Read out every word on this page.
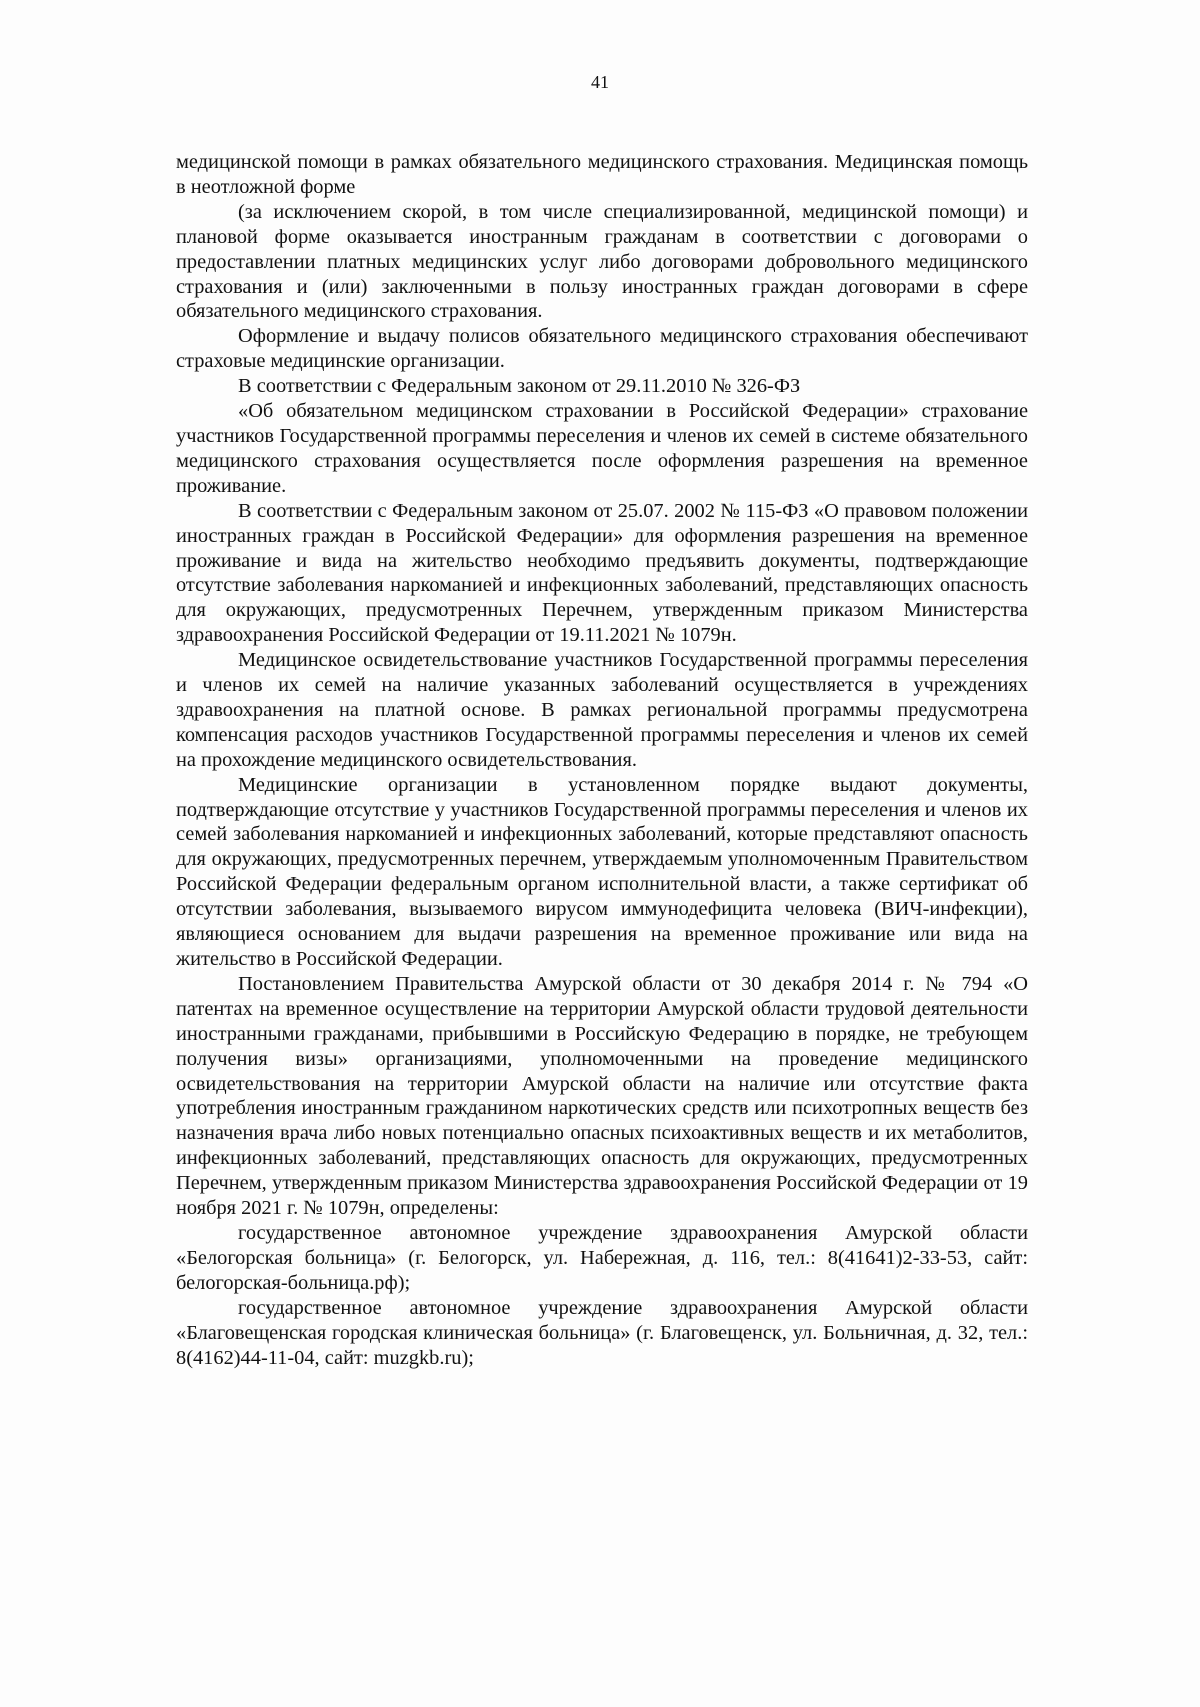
41

медицинской помощи в рамках обязательного медицинского страхования. Медицинская помощь в неотложной форме

(за исключением скорой, в том числе специализированной, медицинской помощи) и плановой форме оказывается иностранным гражданам в соответствии с договорами о предоставлении платных медицинских услуг либо договорами добровольного медицинского страхования и (или) заключенными в пользу иностранных граждан договорами в сфере обязательного медицинского страхования.

Оформление и выдачу полисов обязательного медицинского страхования обеспечивают страховые медицинские организации.

В соответствии с Федеральным законом от 29.11.2010 № 326-ФЗ

«Об обязательном медицинском страховании в Российской Федерации» страхование участников Государственной программы переселения и членов их семей в системе обязательного медицинского страхования осуществляется после оформления разрешения на временное проживание.

В соответствии с Федеральным законом от 25.07. 2002 № 115-ФЗ «О правовом положении иностранных граждан в Российской Федерации» для оформления разрешения на временное проживание и вида на жительство необходимо предъявить документы, подтверждающие отсутствие заболевания наркоманией и инфекционных заболеваний, представляющих опасность для окружающих, предусмотренных Перечнем, утвержденным приказом Министерства здравоохранения Российской Федерации от 19.11.2021 № 1079н.

Медицинское освидетельствование участников Государственной программы переселения и членов их семей на наличие указанных заболеваний осуществляется в учреждениях здравоохранения на платной основе. В рамках региональной программы предусмотрена компенсация расходов участников Государственной программы переселения и членов их семей на прохождение медицинского освидетельствования.

Медицинские организации в установленном порядке выдают документы, подтверждающие отсутствие у участников Государственной программы переселения и членов их семей заболевания наркоманией и инфекционных заболеваний, которые представляют опасность для окружающих, предусмотренных перечнем, утверждаемым уполномоченным Правительством Российской Федерации федеральным органом исполнительной власти, а также сертификат об отсутствии заболевания, вызываемого вирусом иммунодефицита человека (ВИЧ-инфекции), являющиеся основанием для выдачи разрешения на временное проживание или вида на жительство в Российской Федерации.

Постановлением Правительства Амурской области от 30 декабря 2014 г. № 794 «О патентах на временное осуществление на территории Амурской области трудовой деятельности иностранными гражданами, прибывшими в Российскую Федерацию в порядке, не требующем получения визы» организациями, уполномоченными на проведение медицинского освидетельствования на территории Амурской области на наличие или отсутствие факта употребления иностранным гражданином наркотических средств или психотропных веществ без назначения врача либо новых потенциально опасных психоактивных веществ и их метаболитов, инфекционных заболеваний, представляющих опасность для окружающих, предусмотренных Перечнем, утвержденным приказом Министерства здравоохранения Российской Федерации от 19 ноября 2021 г. № 1079н, определены:

государственное автономное учреждение здравоохранения Амурской области «Белогорская больница» (г. Белогорск, ул. Набережная, д. 116, тел.: 8(41641)2-33-53, сайт: белогорская-больница.рф);

государственное автономное учреждение здравоохранения Амурской области «Благовещенская городская клиническая больница» (г. Благовещенск, ул. Больничная, д. 32, тел.: 8(4162)44-11-04, сайт: muzgkb.ru);
